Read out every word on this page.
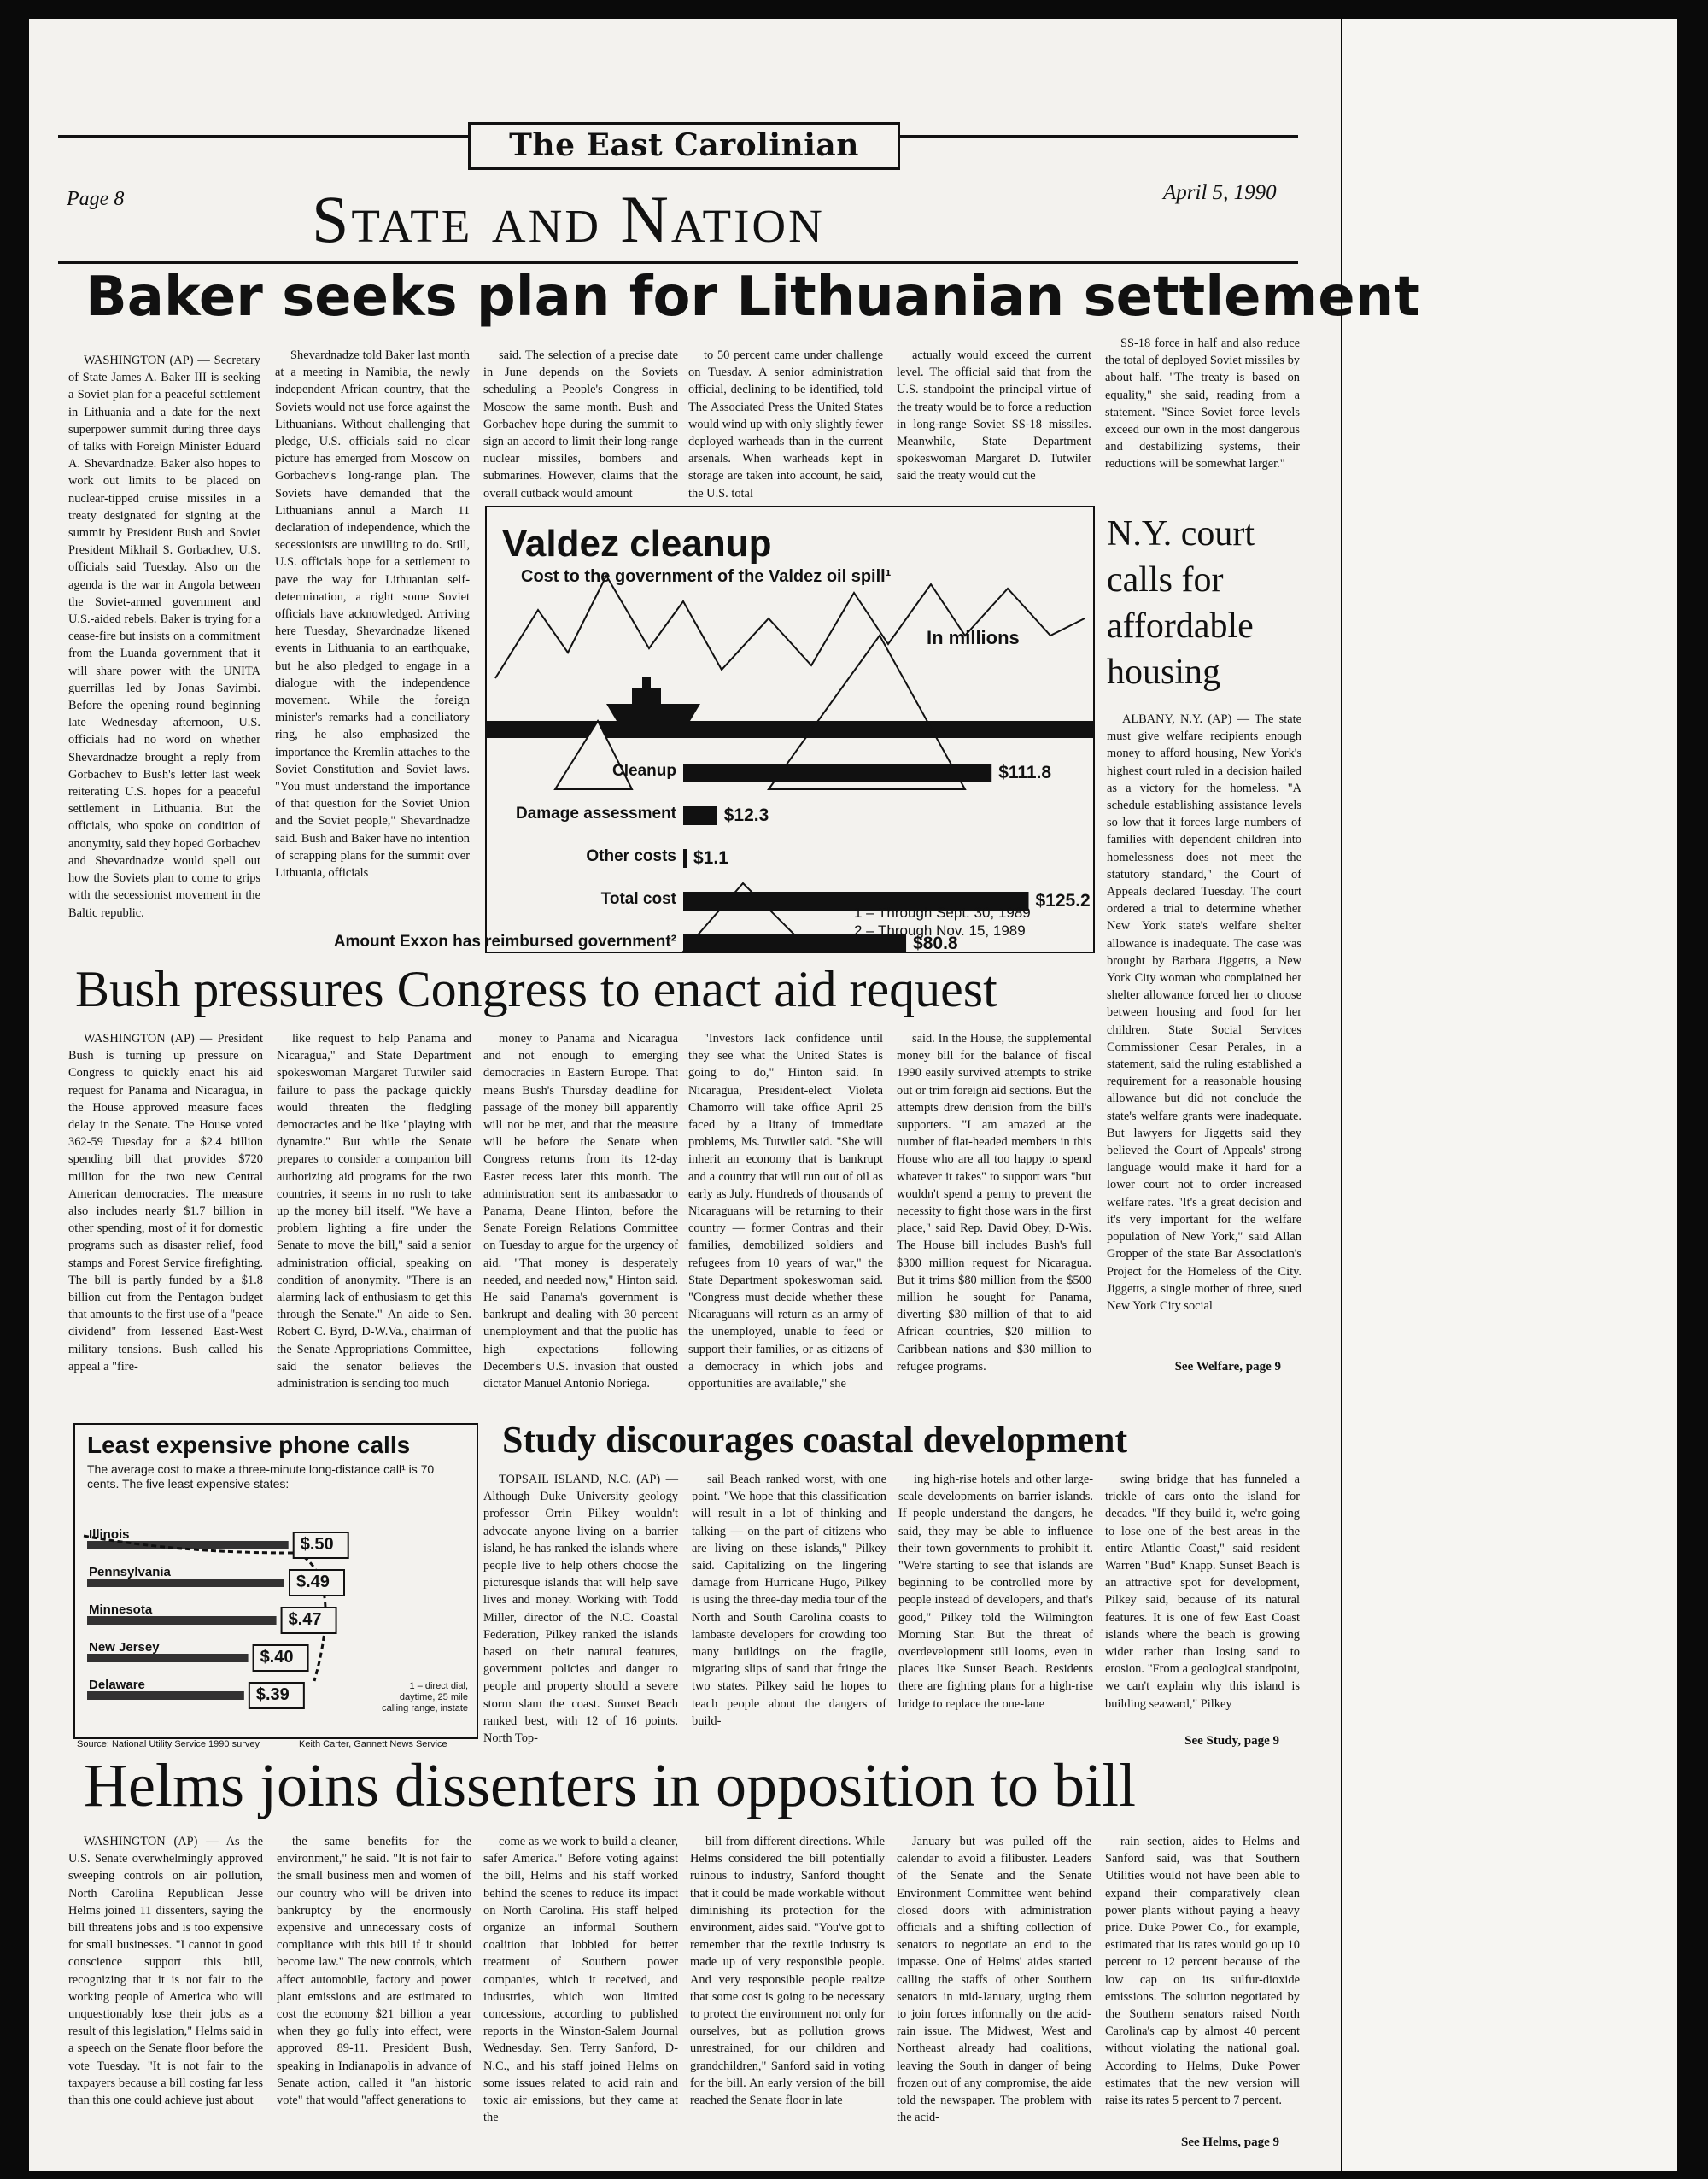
The East Carolinian
Page 8	April 5, 1990
State and Nation
Baker seeks plan for Lithuanian settlement

WASHINGTON (AP) — Secretary of State James A. Baker III is seeking a Soviet plan for a peaceful settlement in Lithuania and a date for the next superpower summit during three days of talks with Foreign Minister Eduard A. Shevardnadze. Baker also hopes to work out limits to be placed on nuclear-tipped cruise missiles in a treaty designated for signing at the summit by President Bush and Soviet President Mikhail S. Gorbachev, U.S. officials said Tuesday. Also on the agenda is the war in Angola between the Soviet-armed government and U.S.-aided rebels. Baker is trying for a cease-fire but insists on a commitment from the Luanda government that it will share power with the UNITA guerrillas led by Jonas Savimbi. Before the opening round beginning late Wednesday afternoon, U.S. officials had no word on whether Shevardnadze brought a reply from Gorbachev to Bush's letter last week reiterating U.S. hopes for a peaceful settlement in Lithuania. But the officials, who spoke on condition of anonymity, said they hoped Gorbachev and Shevardnadze would spell out how the Soviets plan to come to grips with the secessionist movement in the Baltic republic.

Shevardnadze told Baker last month at a meeting in Namibia, the newly independent African country, that the Soviets would not use force against the Lithuanians. Without challenging that pledge, U.S. officials said no clear picture has emerged from Moscow on Gorbachev's long-range plan. The Soviets have demanded that the Lithuanians annul a March 11 declaration of independence, which the secessionists are unwilling to do. Still, U.S. officials hope for a settlement to pave the way for Lithuanian self-determination, a right some Soviet officials have acknowledged. Arriving here Tuesday, Shevardnadze likened events in Lithuania to an earthquake, but he also pledged to engage in a dialogue with the independence movement. While the foreign minister's remarks had a conciliatory ring, he also emphasized the importance the Kremlin attaches to the Soviet Constitution and Soviet laws. "You must understand the importance of that question for the Soviet Union and the Soviet people," Shevardnadze said. Bush and Baker have no intention of scrapping plans for the summit over Lithuania, officials

said. The selection of a precise date in June depends on the Soviets scheduling a People's Congress in Moscow the same month. Bush and Gorbachev hope during the summit to sign an accord to limit their long-range nuclear missiles, bombers and submarines. However, claims that the overall cutback would amount

to 50 percent came under challenge on Tuesday. A senior administration official, declining to be identified, told The Associated Press the United States would wind up with only slightly fewer deployed warheads than in the current arsenals. When warheads kept in storage are taken into account, he said, the U.S. total

actually would exceed the current level. The official said that from the U.S. standpoint the principal virtue of the treaty would be to force a reduction in long-range Soviet SS-18 missiles. Meanwhile, State Department spokeswoman Margaret D. Tutwiler said the treaty would cut the

SS-18 force in half and also reduce the total of deployed Soviet missiles by about half. "The treaty is based on equality," she said, reading from a statement. "Since Soviet force levels exceed our own in the most dangerous and destabilizing systems, their reductions will be somewhat larger."

Valdez cleanup
Cost to the government of the Valdez oil spill¹
In millions
1 – Through Sept. 30, 1989
2 – Through Nov. 15, 1989
Cleanup	$111.8
Damage assessment	$12.3
Other costs $1.1
Total cost	$125.2
Amount Exxon has reimbursed government²	$80.8
N.Y. court calls for affordable housing

ALBANY, N.Y. (AP) — The state must give welfare recipients enough money to afford housing, New York's highest court ruled in a decision hailed as a victory for the homeless. "A schedule establishing assistance levels so low that it forces large numbers of families with dependent children into homelessness does not meet the statutory standard," the Court of Appeals declared Tuesday. The court ordered a trial to determine whether New York state's welfare shelter allowance is inadequate. The case was brought by Barbara Jiggetts, a New York City woman who complained her shelter allowance forced her to choose between housing and food for her children. State Social Services Commissioner Cesar Perales, in a statement, said the ruling established a requirement for a reasonable housing allowance but did not conclude the state's welfare grants were inadequate. But lawyers for Jiggetts said they believed the Court of Appeals' strong language would make it hard for a lower court not to order increased welfare rates. "It's a great decision and it's very important for the welfare population of New York," said Allan Gropper of the state Bar Association's Project for the Homeless of the City. Jiggetts, a single mother of three, sued New York City social

See Welfare, page 9
Bush pressures Congress to enact aid request

WASHINGTON (AP) — President Bush is turning up pressure on Congress to quickly enact his aid request for Panama and Nicaragua, in the House approved measure faces delay in the Senate. The House voted 362-59 Tuesday for a $2.4 billion spending bill that provides $720 million for the two new Central American democracies. The measure also includes nearly $1.7 billion in other spending, most of it for domestic programs such as disaster relief, food stamps and Forest Service firefighting. The bill is partly funded by a $1.8 billion cut from the Pentagon budget that amounts to the first use of a "peace dividend" from lessened East-West military tensions. Bush called his appeal a "fire-

like request to help Panama and Nicaragua," and State Department spokeswoman Margaret Tutwiler said failure to pass the package quickly would threaten the fledgling democracies and be like "playing with dynamite." But while the Senate prepares to consider a companion bill authorizing aid programs for the two countries, it seems in no rush to take up the money bill itself. "We have a problem lighting a fire under the Senate to move the bill," said a senior administration official, speaking on condition of anonymity. "There is an alarming lack of enthusiasm to get this through the Senate." An aide to Sen. Robert C. Byrd, D-W.Va., chairman of the Senate Appropriations Committee, said the senator believes the administration is sending too much

money to Panama and Nicaragua and not enough to emerging democracies in Eastern Europe. That means Bush's Thursday deadline for passage of the money bill apparently will not be met, and that the measure will be before the Senate when Congress returns from its 12-day Easter recess later this month. The administration sent its ambassador to Panama, Deane Hinton, before the Senate Foreign Relations Committee on Tuesday to argue for the urgency of aid. "That money is desperately needed, and needed now," Hinton said. He said Panama's government is bankrupt and dealing with 30 percent unemployment and that the public has high expectations following December's U.S. invasion that ousted dictator Manuel Antonio Noriega.

"Investors lack confidence until they see what the United States is going to do," Hinton said. In Nicaragua, President-elect Violeta Chamorro will take office April 25 faced by a litany of immediate problems, Ms. Tutwiler said. "She will inherit an economy that is bankrupt and a country that will run out of oil as early as July. Hundreds of thousands of Nicaraguans will be returning to their country — former Contras and their families, demobilized soldiers and refugees from 10 years of war," the State Department spokeswoman said. "Congress must decide whether these Nicaraguans will return as an army of the unemployed, unable to feed or support their families, or as citizens of a democracy in which jobs and opportunities are available," she

said. In the House, the supplemental money bill for the balance of fiscal 1990 easily survived attempts to strike out or trim foreign aid sections. But the attempts drew derision from the bill's supporters. "I am amazed at the number of flat-headed members in this House who are all too happy to spend whatever it takes" to support wars "but wouldn't spend a penny to prevent the necessity to fight those wars in the first place," said Rep. David Obey, D-Wis. The House bill includes Bush's full $300 million request for Nicaragua. But it trims $80 million from the $500 million he sought for Panama, diverting $30 million of that to aid African countries, $20 million to Caribbean nations and $30 million to refugee programs.

Least expensive phone calls
The average cost to make a three-minute long-distance call¹ is 70 cents. The five least expensive states:
Illinois
$.50
Pennsylvania
$.49
Minnesota
$.47
New Jersey
$.40
Delaware
$.39	1 – direct dial, daytime, 25 mile calling range, instate
Source: National Utility Service 1990 survey	Keith Carter, Gannett News Service
Study discourages coastal development

TOPSAIL ISLAND, N.C. (AP) — Although Duke University geology professor Orrin Pilkey wouldn't advocate anyone living on a barrier island, he has ranked the islands where people live to help others choose the picturesque islands that will help save lives and money. Working with Todd Miller, director of the N.C. Coastal Federation, Pilkey ranked the islands based on their natural features, government policies and danger to people and property should a severe storm slam the coast. Sunset Beach ranked best, with 12 of 16 points. North Top-

sail Beach ranked worst, with one point. "We hope that this classification will result in a lot of thinking and talking — on the part of citizens who are living on these islands," Pilkey said. Capitalizing on the lingering damage from Hurricane Hugo, Pilkey is using the three-day media tour of the North and South Carolina coasts to lambaste developers for crowding too many buildings on the fragile, migrating slips of sand that fringe the two states. Pilkey said he hopes to teach people about the dangers of build-

ing high-rise hotels and other large-scale developments on barrier islands. If people understand the dangers, he said, they may be able to influence their town governments to prohibit it. "We're starting to see that islands are beginning to be controlled more by people instead of developers, and that's good," Pilkey told the Wilmington Morning Star. But the threat of overdevelopment still looms, even in places like Sunset Beach. Residents there are fighting plans for a high-rise bridge to replace the one-lane

swing bridge that has funneled a trickle of cars onto the island for decades. "If they build it, we're going to lose one of the best areas in the entire Atlantic Coast," said resident Warren "Bud" Knapp. Sunset Beach is an attractive spot for development, Pilkey said, because of its natural features. It is one of few East Coast islands where the beach is growing wider rather than losing sand to erosion. "From a geological standpoint, we can't explain why this island is building seaward," Pilkey

See Study, page 9
Helms joins dissenters in opposition to bill

WASHINGTON (AP) — As the U.S. Senate overwhelmingly approved sweeping controls on air pollution, North Carolina Republican Jesse Helms joined 11 dissenters, saying the bill threatens jobs and is too expensive for small businesses. "I cannot in good conscience support this bill, recognizing that it is not fair to the working people of America who will unquestionably lose their jobs as a result of this legislation," Helms said in a speech on the Senate floor before the vote Tuesday. "It is not fair to the taxpayers because a bill costing far less than this one could achieve just about

the same benefits for the environment," he said. "It is not fair to the small business men and women of our country who will be driven into bankruptcy by the enormously expensive and unnecessary costs of compliance with this bill if it should become law." The new controls, which affect automobile, factory and power plant emissions and are estimated to cost the economy $21 billion a year when they go fully into effect, were approved 89-11. President Bush, speaking in Indianapolis in advance of Senate action, called it "an historic vote" that would "affect generations to

come as we work to build a cleaner, safer America." Before voting against the bill, Helms and his staff worked behind the scenes to reduce its impact on North Carolina. His staff helped organize an informal Southern coalition that lobbied for better treatment of Southern power companies, which it received, and industries, which won limited concessions, according to published reports in the Winston-Salem Journal Wednesday. Sen. Terry Sanford, D-N.C., and his staff joined Helms on some issues related to acid rain and toxic air emissions, but they came at the

bill from different directions. While Helms considered the bill potentially ruinous to industry, Sanford thought that it could be made workable without diminishing its protection for the environment, aides said. "You've got to remember that the textile industry is made up of very responsible people. And very responsible people realize that some cost is going to be necessary to protect the environment not only for ourselves, but as pollution grows unrestrained, for our children and grandchildren," Sanford said in voting for the bill. An early version of the bill reached the Senate floor in late

January but was pulled off the calendar to avoid a filibuster. Leaders of the Senate and the Senate Environment Committee went behind closed doors with administration officials and a shifting collection of senators to negotiate an end to the impasse. One of Helms' aides started calling the staffs of other Southern senators in mid-January, urging them to join forces informally on the acid-rain issue. The Midwest, West and Northeast already had coalitions, leaving the South in danger of being frozen out of any compromise, the aide told the newspaper. The problem with the acid-

rain section, aides to Helms and Sanford said, was that Southern Utilities would not have been able to expand their comparatively clean power plants without paying a heavy price. Duke Power Co., for example, estimated that its rates would go up 10 percent to 12 percent because of the low cap on its sulfur-dioxide emissions. The solution negotiated by the Southern senators raised North Carolina's cap by almost 40 percent without violating the national goal. According to Helms, Duke Power estimates that the new version will raise its rates 5 percent to 7 percent.

See Helms, page 9
